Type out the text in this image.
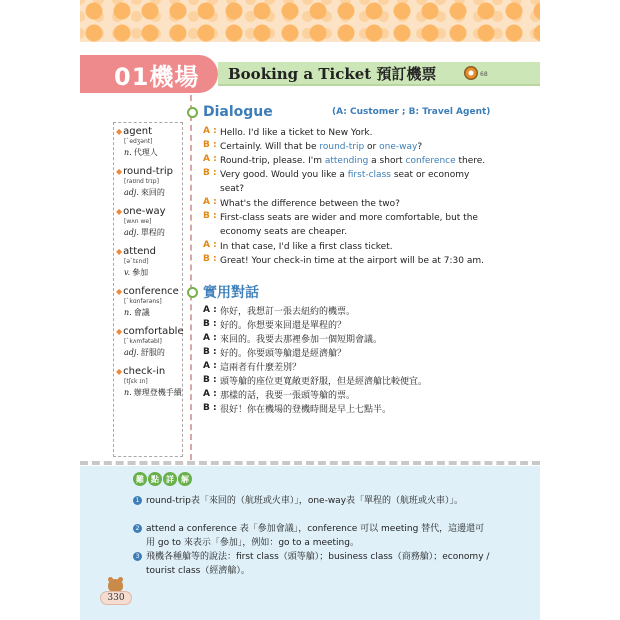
01機場	Booking a Ticket 預訂機票	68
◆agent
[ˋedʒənt]
n. 代理人
◆round-trip
[raʊnd trɪp]
adj. 來回的
◆one-way
[wʌn we]
adj. 單程的
◆attend
[əˋtɛnd]
v. 參加
◆conference
[ˋkɑnfərəns]
n. 會議
◆comfortable
[ˋkʌmfətəbl]
adj. 舒服的
◆check-in
[tʃɛk ɪn]
n. 辦理登機手續
Dialogue	(A: Customer ; B: Travel Agent)
A : Hello. I'd like a ticket to New York.
B : Certainly. Will that be round-trip or one-way?
A : Round-trip, please. I'm attending a short conference there.
B : Very good. Would you like a first-class seat or economy seat?
A : What's the difference between the two?
B : First-class seats are wider and more comfortable, but the economy seats are cheaper.
A : In that case, I'd like a first class ticket.
B : Great! Your check-in time at the airport will be at 7:30 am.
實用對話
A : 你好，我想訂一張去紐約的機票。
B : 好的。你想要來回還是單程的？
A : 來回的。我要去那裡參加一個短期會議。
B : 好的。你要頭等艙還是經濟艙？
A : 這兩者有什麼差別？
B : 頭等艙的座位更寬敞更舒服，但是經濟艙比較便宜。
A : 那樣的話，我要一張頭等艙的票。
B : 很好！你在機場的登機時間是早上七點半。
難 點 詳 解
1 round-trip表「來回的（航班或火車）」，one-way表「單程的（航班或火車）」。
2 attend a conference 表「參加會議」，conference 可以 meeting 替代，這邊還可用 go to 來表示「參加」，例如：go to a meeting。
3 飛機各種艙等的說法：first class（頭等艙）；business class（商務艙）；economy / tourist class（經濟艙）。
330
